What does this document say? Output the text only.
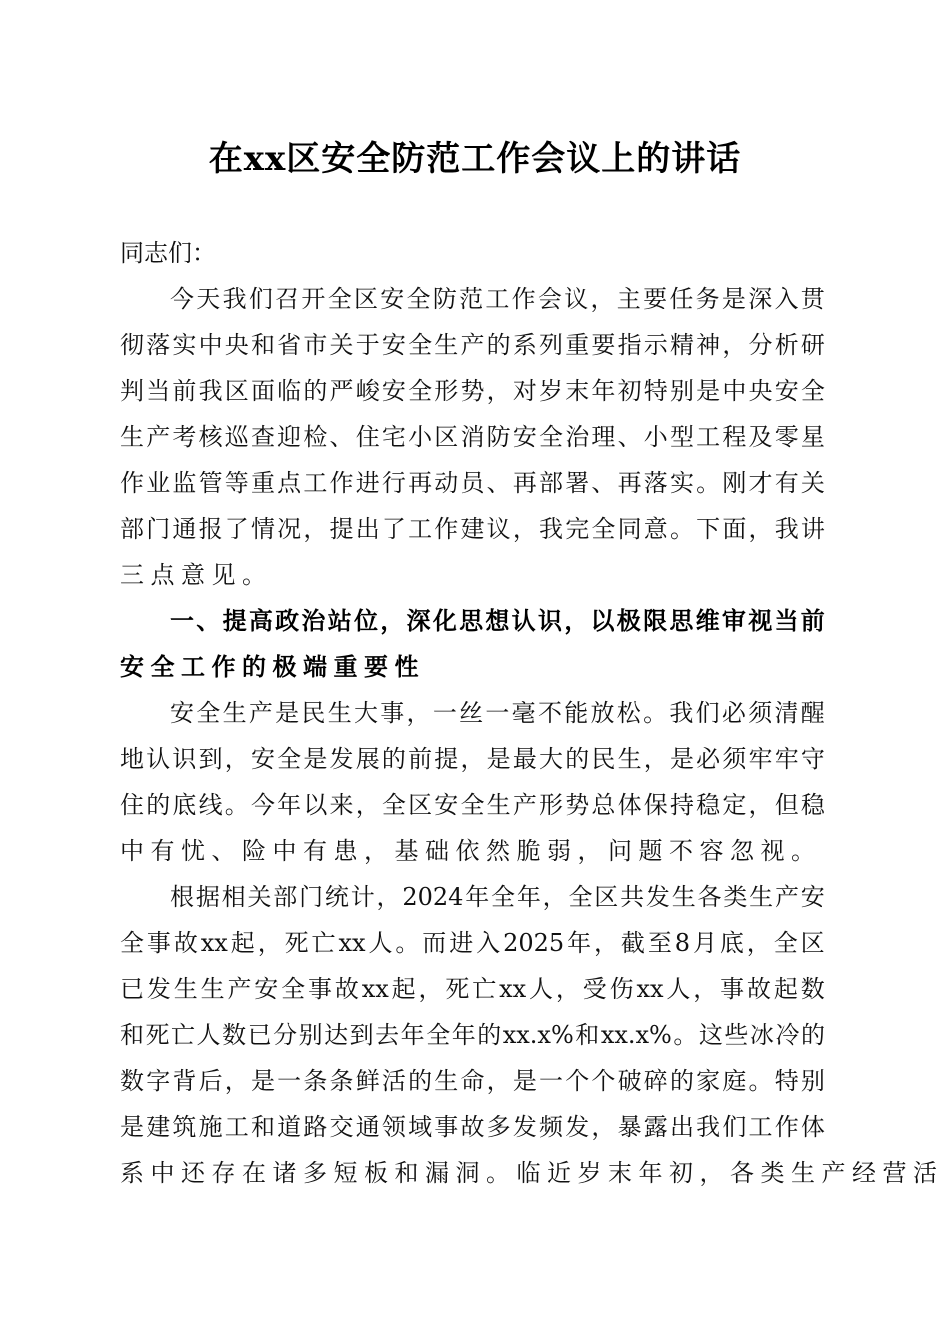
在xx区安全防范工作会议上的讲话
同志们：
今 天 我 们 召 开 全 区 安 全 防 范 工 作 会 议 ， 主 要 任 务 是 深 入 贯
彻 落 实 中 央 和 省 市 关 于 安 全 生 产 的 系 列 重 要 指 示 精 神 ， 分 析 研
判 当 前 我 区 面 临 的 严 峻 安 全 形 势 ， 对 岁 末 年 初 特 别 是 中 央 安 全
生 产 考 核 巡 查 迎 检 、 住 宅 小 区 消 防 安 全 治 理 、 小 型 工 程 及 零 星
作 业 监 管 等 重 点 工 作 进 行 再 动 员 、 再 部 署 、 再 落 实 。 刚 才 有 关
部 门 通 报 了 情 况 ， 提 出 了 工 作 建 议 ， 我 完 全 同 意 。 下 面 ， 我 讲
三 点 意 见 。
一 、 提 高 政 治 站 位 ， 深 化 思 想 认 识 ， 以 极 限 思 维 审 视 当 前
安 全 工 作 的 极 端 重 要 性
安 全 生 产 是 民 生 大 事 ， 一 丝 一 毫 不 能 放 松 。 我 们 必 须 清 醒
地 认 识 到 ， 安 全 是 发 展 的 前 提 ， 是 最 大 的 民 生 ， 是 必 须 牢 牢 守
住 的 底 线 。 今 年 以 来 ， 全 区 安 全 生 产 形 势 总 体 保 持 稳 定 ， 但 稳
中 有 忧 、 险 中 有 患 ， 基 础 依 然 脆 弱 ， 问 题 不 容 忽 视 。
根 据 相 关 部 门 统 计 ， 2024 年 全 年 ， 全 区 共 发 生 各 类 生 产 安
全 事 故 xx 起 ， 死 亡 xx 人 。 而 进 入 2025 年 ， 截 至 8 月 底 ， 全 区
已 发 生 生 产 安 全 事 故 xx 起 ， 死 亡 xx 人 ， 受 伤 xx 人 ， 事 故 起 数
和 死 亡 人 数 已 分 别 达 到 去 年 全 年 的 xx.x% 和 xx.x% 。 这 些 冰 冷 的
数 字 背 后 ， 是 一 条 条 鲜 活 的 生 命 ， 是 一 个 个 破 碎 的 家 庭 。 特 别
是 建 筑 施 工 和 道 路 交 通 领 域 事 故 多 发 频 发 ， 暴 露 出 我 们 工 作 体
系 中 还 存 在 诸 多 短 板 和 漏 洞 。 临 近 岁 末 年 初 ， 各 类 生 产 经 营 活
